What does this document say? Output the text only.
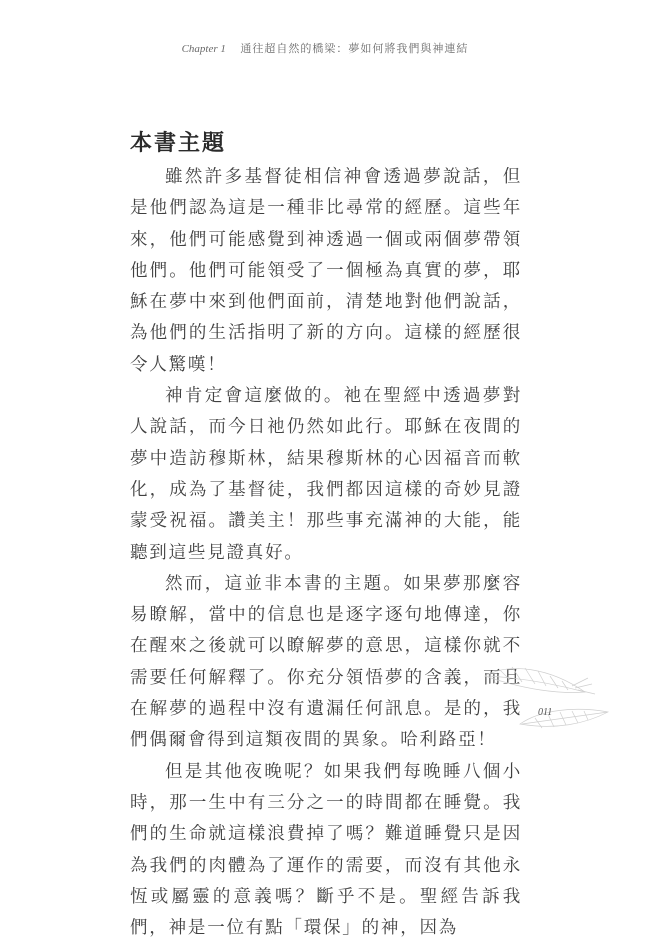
Chapter 1 通往超自然的橋梁：夢如何將我們與神連結
本書主題

雖然許多基督徒相信神會透過夢說話，但是他們認為這是一種非比尋常的經歷。這些年來，他們可能感覺到神透過一個或兩個夢帶領他們。他們可能領受了一個極為真實的夢，耶穌在夢中來到他們面前，清楚地對他們說話，為他們的生活指明了新的方向。這樣的經歷很令人驚嘆！

神肯定會這麼做的。祂在聖經中透過夢對人說話，而今日祂仍然如此行。耶穌在夜間的夢中造訪穆斯林，結果穆斯林的心因福音而軟化，成為了基督徒，我們都因這樣的奇妙見證蒙受祝福。讚美主！那些事充滿神的大能，能聽到這些見證真好。

然而，這並非本書的主題。如果夢那麼容易瞭解，當中的信息也是逐字逐句地傳達，你在醒來之後就可以瞭解夢的意思，這樣你就不需要任何解釋了。你充分領悟夢的含義，而且在解夢的過程中沒有遺漏任何訊息。是的，我們偶爾會得到這類夜間的異象。哈利路亞！

但是其他夜晚呢？如果我們每晚睡八個小時，那一生中有三分之一的時間都在睡覺。我們的生命就這樣浪費掉了嗎？難道睡覺只是因為我們的肉體為了運作的需要，而沒有其他永恆或屬靈的意義嗎？斷乎不是。聖經告訴我們，神是一位有點「環保」的神，因為

011
